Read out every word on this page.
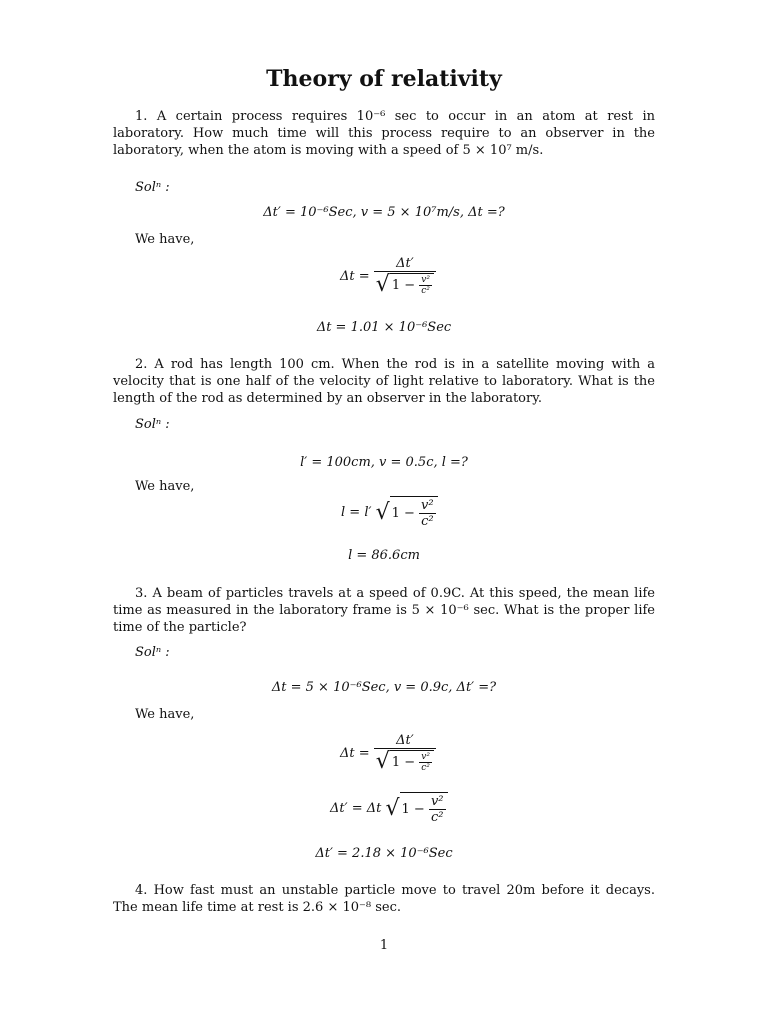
Theory of relativity
1. A certain process requires 10⁻⁶ sec to occur in an atom at rest in laboratory. How much time will this process require to an observer in the laboratory, when the atom is moving with a speed of 5 × 10⁷ m/s.
Solⁿ :
Δt′ = 10⁻⁶Sec, v = 5 × 10⁷m/s, Δt =?
We have,
$\Delta t = \frac{\Delta t'}{√ 1 - \frac{\text{v²}}{\text{c²}}}$
Δt = 1.01 × 10⁻⁶Sec
2. A rod has length 100 cm. When the rod is in a satellite moving with a velocity that is one half of the velocity of light relative to laboratory. What is the length of the rod as determined by an observer in the laboratory.
Solⁿ :
l′ = 100cm, v = 0.5c, l =?
We have,
l = l′ √ $1 - \frac{\text{v²}}{\text{c²}}$
l = 86.6cm
3. A beam of particles travels at a speed of 0.9C. At this speed, the mean life time as measured in the laboratory frame is 5 × 10⁻⁶ sec. What is the proper life time of the particle?
Solⁿ :
Δt = 5 × 10⁻⁶Sec, v = 0.9c, Δt′ =?
We have,
$\Delta t = \frac{\Delta t'}{√ 1 - \frac{\text{v²}}{\text{c²}}}$
Δt′ = Δt √ $1 - \frac{\text{v²}}{\text{c²}}$
Δt′ = 2.18 × 10⁻⁶Sec
4. How fast must an unstable particle move to travel 20m before it decays. The mean life time at rest is 2.6 × 10⁻⁸ sec.
1
